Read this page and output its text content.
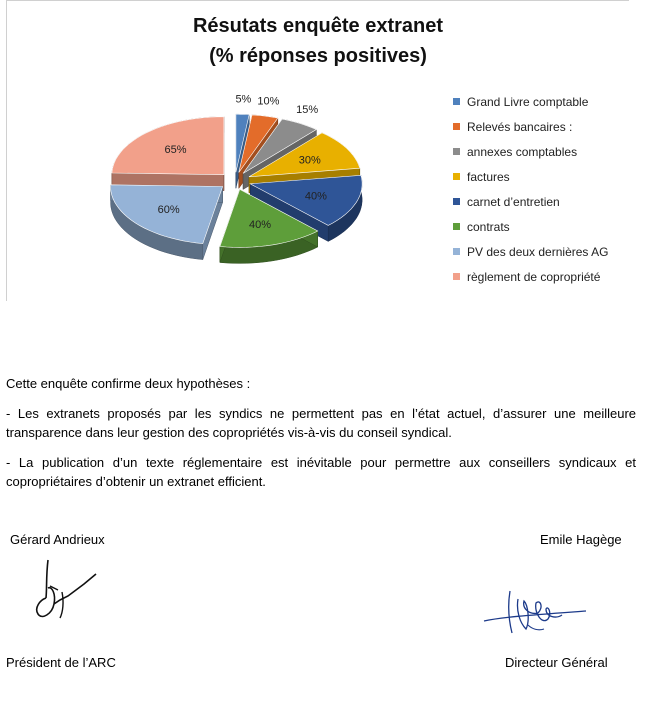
5% 10%
15%
30%
40%
40%
60%
65%
Résutats enquête extranet
(% réponses positives)
Grand Livre comptable
Relevés bancaires :
annexes comptables
factures
carnet d’entretien
contrats
PV des deux dernières AG
règlement de copropriété

Cette enquête confirme deux hypothèses :

- Les extranets proposés par les syndics ne permettent pas en l’état actuel, d’assurer une meilleure transparence dans leur gestion des copropriétés vis-à-vis du conseil syndical.

- La publication d’un texte réglementaire est inévitable pour permettre aux conseillers syndicaux et copropriétaires d’obtenir un extranet efficient.

Gérard Andrieux	Emile Hagège
Président de l’ARC	Directeur Général
